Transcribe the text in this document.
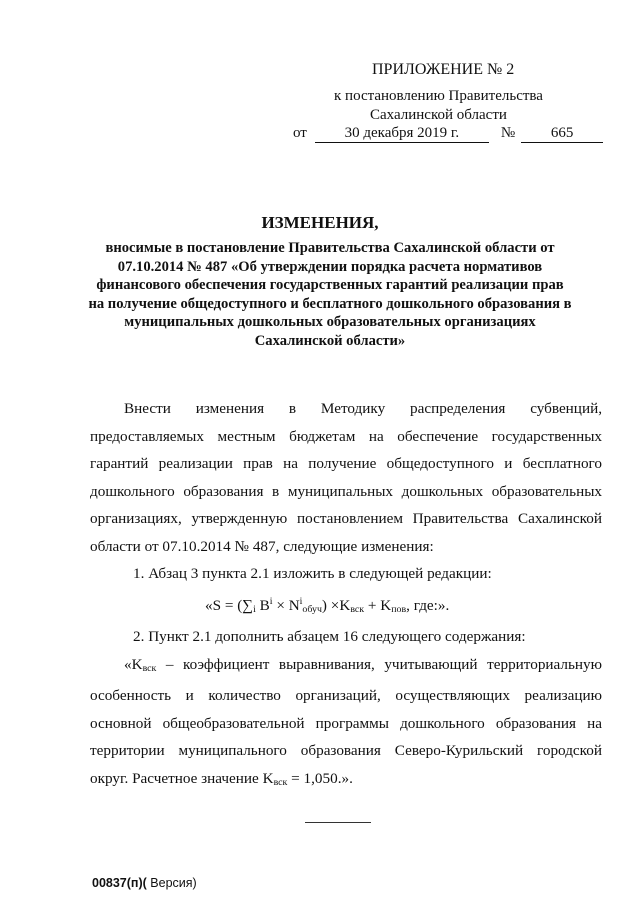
ПРИЛОЖЕНИЕ № 2
к постановлению Правительства
Сахалинской области
от	30 декабря 2019 г.	№	665
ИЗМЕНЕНИЯ,
вносимые в постановление Правительства Сахалинской области от
07.10.2014 № 487 «Об утверждении порядка расчета нормативов
финансового обеспечения государственных гарантий реализации прав
на получение общедоступного и бесплатного дошкольного образования в
муниципальных дошкольных образовательных организациях
Сахалинской области»

Внести изменения в Методику распределения субвенций,

предоставляемых местным бюджетам на обеспечение государственных

гарантий реализации прав на получение общедоступного и бесплатного

дошкольного образования в муниципальных дошкольных образовательных

организациях, утвержденную постановлением Правительства Сахалинской

области от 07.10.2014 № 487, следующие изменения:

1. Абзац 3 пункта 2.1 изложить в следующей редакции:

«$S = (\sum_i$ $B^i \times N^i_{обуч}) \times K_{вск} + K_{пов}$, где:».

2. Пункт 2.1 дополнить абзацем 16 следующего содержания:

«$K_{вск}$ – коэффициент выравнивания, учитывающий территориальную

особенность и количество организаций, осуществляющих реализацию

основной общеобразовательной программы дошкольного образования на

территории муниципального образования Северо-Курильский городской

округ. Расчетное значение $K_{вск} = 1,050$.».

00837(п)( Версия)
